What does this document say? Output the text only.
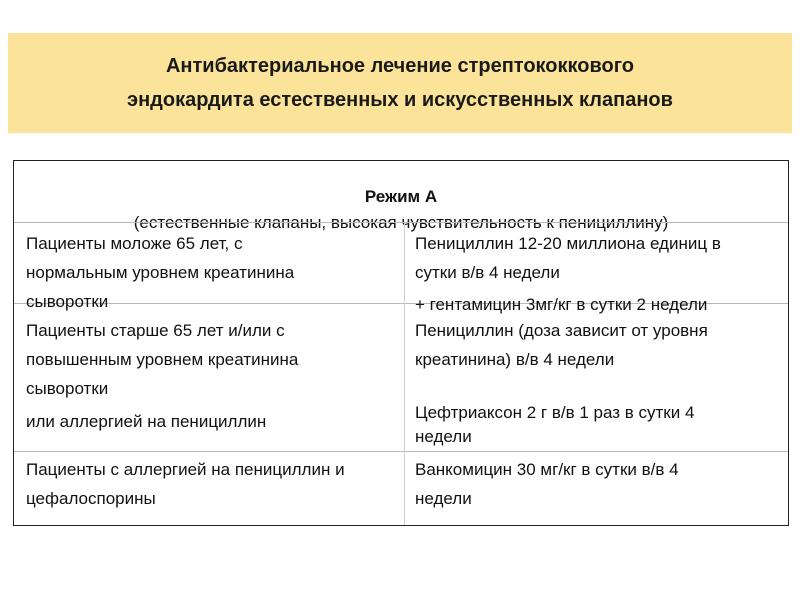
Антибактериальное лечение стрептококкового
эндокардита естественных и искусственных клапанов
Режим А
(естественные клапаны, высокая чувствительность к пенициллину)
Пациенты моложе 65 лет, с
нормальным уровнем креатинина
сыворотки
Пенициллин 12-20 миллиона единиц в
сутки в/в 4 недели
+ гентамицин 3мг/кг в сутки 2 недели
Пациенты старше 65 лет и/или с
повышенным уровнем креатинина
сыворотки
Пенициллин (доза зависит от уровня
креатинина) в/в 4 недели
или аллергией на пенициллин	Цефтриаксон 2 г в/в 1 раз в сутки 4
недели
Пациенты с аллергией на пенициллин и
цефалоспорины
Ванкомицин 30 мг/кг в сутки в/в 4
недели
